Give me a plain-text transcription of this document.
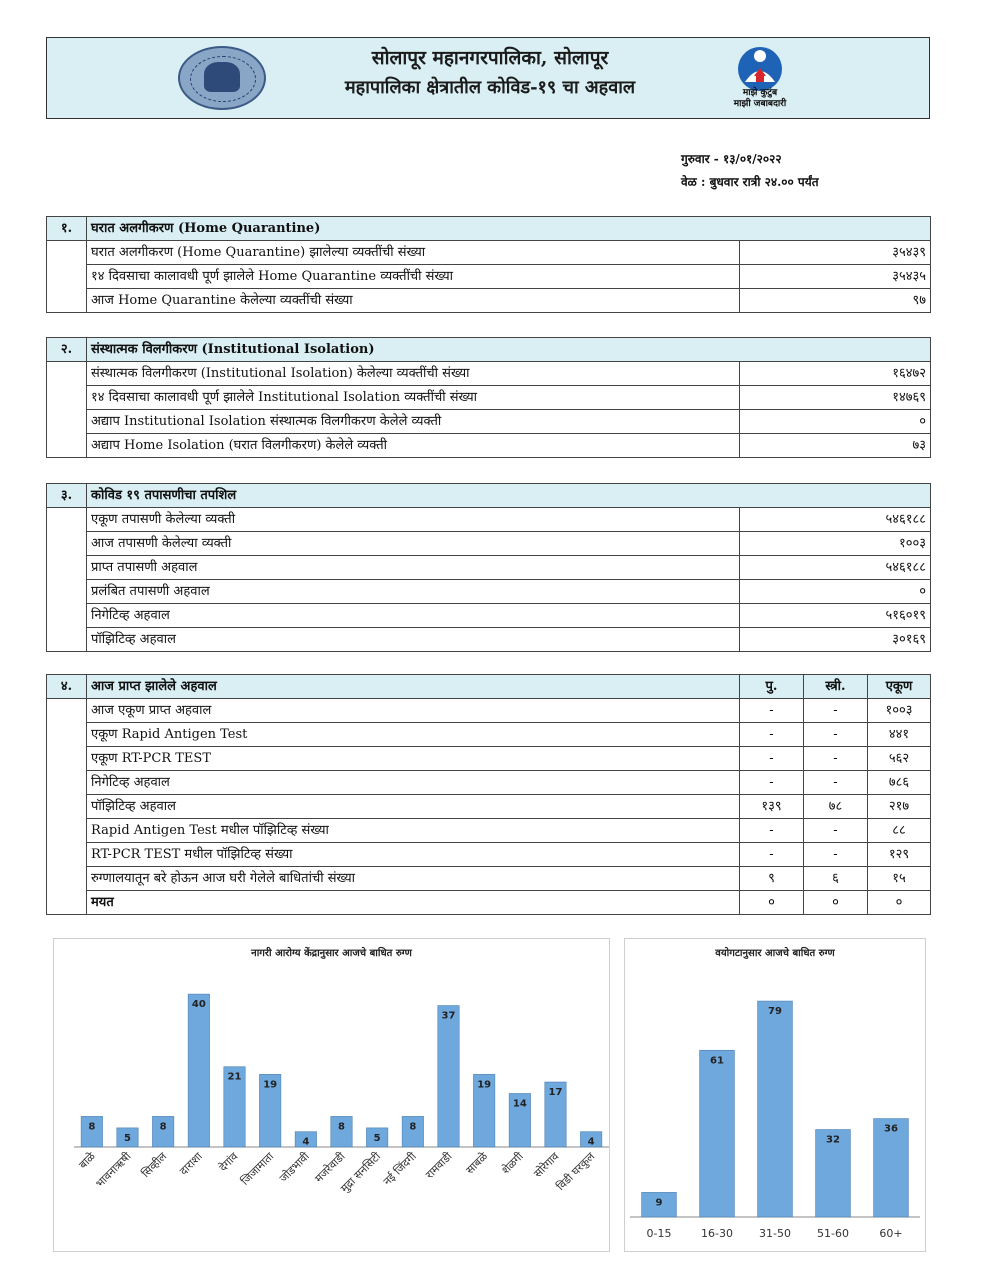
सोलापूर महानगरपालिका, सोलापूर
महापालिका क्षेत्रातील कोविड-१९ चा अहवाल	माझे कुटुंब
माझी जबाबदारी
गुरुवार - १३/०१/२०२२
वेळ : बुधवार रात्री २४.०० पर्यंत
१.	घरात अलगीकरण (Home Quarantine)	
	घरात अलगीकरण (Home Quarantine) झालेल्या व्यक्तींची संख्या	३५४३९
	१४ दिवसाचा कालावधी पूर्ण झालेले Home Quarantine व्यक्तींची संख्या	३५४३५
	आज Home Quarantine केलेल्या व्यक्तींची संख्या	९७
२.	संस्थात्मक विलगीकरण (Institutional Isolation)	
	संस्थात्मक विलगीकरण (Institutional Isolation) केलेल्या व्यक्तींची संख्या	१६४७२
	१४ दिवसाचा कालावधी पूर्ण झालेले Institutional Isolation व्यक्तींची संख्या	१४७६९
	अद्याप Institutional Isolation संस्थात्मक विलगीकरण केलेले व्यक्ती	०
	अद्याप Home Isolation (घरात विलगीकरण) केलेले व्यक्ती	७३
३.	कोविड १९ तपासणीचा तपशिल	
	एकूण तपासणी केलेल्या व्यक्ती	५४६१८८
	आज तपासणी केलेल्या व्यक्ती	१००३
	प्राप्त तपासणी अहवाल	५४६१८८
	प्रलंबित तपासणी अहवाल	०
	निगेटिव्ह अहवाल	५१६०१९
	पॉझिटिव्ह अहवाल	३०१६९
४.	आज प्राप्त झालेले अहवाल	पु.	स्त्री.	एकूण
	आज एकूण प्राप्त अहवाल	-	-	१००३
	एकूण Rapid Antigen Test	-	-	४४१
	एकूण RT-PCR TEST	-	-	५६२
	निगेटिव्ह अहवाल	-	-	७८६
	पॉझिटिव्ह अहवाल	१३९	७८	२१७
	Rapid Antigen Test मधील पॉझिटिव्ह संख्या	-	-	८८
	RT-PCR TEST मधील पॉझिटिव्ह संख्या	-	-	१२९
	रुग्णालयातून बरे होऊन आज घरी गेलेले बाधितांची संख्या	९	६	१५
	मयत	०	०	०
नागरी आरोग्य केंद्रानुसार आजचे बाधित रुग्ण
8
बाळे
5
भावनाऋषी
8
सिव्हील
40
दाराशा
21
देगांव
19
जिजामाता
4
जोडभावी
8
मजरेवाडी
5
मुद्रा सनसिटी
8
नई जिंदगी
37
रामवाडी
19
साबळे
14
शेळगी
17
सोरेगाव
4
विडी घरकुल
वयोगटानुसार आजचे बाधित रुग्ण
9
0-15
61
16-30
79
31-50
32
51-60
36
60+
